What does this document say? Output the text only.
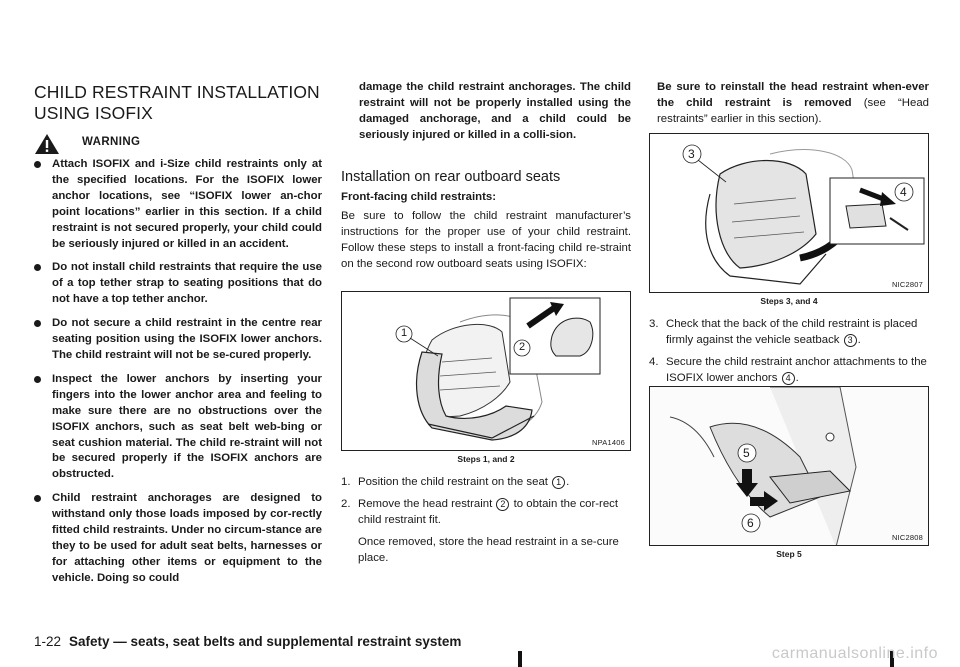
CHILD RESTRAINT INSTALLATION
USING ISOFIX
WARNING
Attach ISOFIX and i-Size child restraints only at the specified locations. For the ISOFIX lower anchor locations, see “ISOFIX lower an-chor point locations” earlier in this section. If a child restraint is not secured properly, your child could be seriously injured or killed in an accident.
Do not install child restraints that require the use of a top tether strap to seating positions that do not have a top tether anchor.
Do not secure a child restraint in the centre rear seating position using the ISOFIX lower anchors. The child restraint will not be se-cured properly.
Inspect the lower anchors by inserting your fingers into the lower anchor area and feeling to make sure there are no obstructions over the ISOFIX anchors, such as seat belt web-bing or seat cushion material. The child re-straint will not be secured properly if the ISOFIX anchors are obstructed.
Child restraint anchorages are designed to withstand only those loads imposed by cor-rectly fitted child restraints. Under no circum-stance are they to be used for adult seat belts, harnesses or for attaching other items or equipment to the vehicle. Doing so could

damage the child restraint anchorages. The child restraint will not be properly installed using the damaged anchorage, and a child could be seriously injured or killed in a colli-sion.

Installation on rear outboard seats
Front-facing child restraints:

Be sure to follow the child restraint manufacturer’s instructions for the proper use of your child restraint. Follow these steps to install a front-facing child re-straint on the second row outboard seats using ISOFIX:

1
2
NPA1406
Steps 1, and 2
1. Position the child restraint on the seat 1 .
2. Remove the head restraint 2 to obtain the cor-rect child restraint fit.

Once removed, store the head restraint in a se-cure place.

Be sure to reinstall the head restraint when-ever the child restraint is removed (see “Head restraints” earlier in this section).

3
4
NIC2807
Steps 3, and 4
3. Check that the back of the child restraint is placed firmly against the vehicle seatback 3 .
4. Secure the child restraint anchor attachments to the ISOFIX lower anchors 4 .
5
6
NIC2808
Step 5
1-22 Safety — seats, seat belts and supplemental restraint system
carmanualsonline.info
